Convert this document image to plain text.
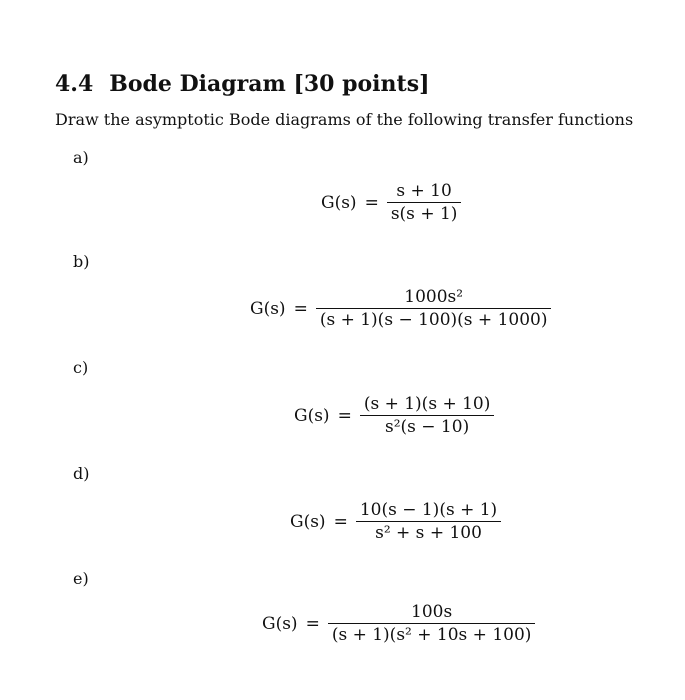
4.4 Bode Diagram [30 points]
Draw the asymptotic Bode diagrams of the following transfer functions
a)
$G(s) = \frac{s + 10}{s(s + 1)}$
b)
$G(s) = \frac{\text{1000s²}}{(s + 1)(s - 100)(s + 1000)}$
c)
$G(s) = \frac{(s + 1)(s + 10)}{\text{s²(s − 10)}}$
d)
$G(s) = \frac{10(s - 1)(s + 1)}{\text{s² + s + 100}}$
e)
$G(s) = \frac{100s}{\text{(s + 1)(s² + 10s + 100)}}$
